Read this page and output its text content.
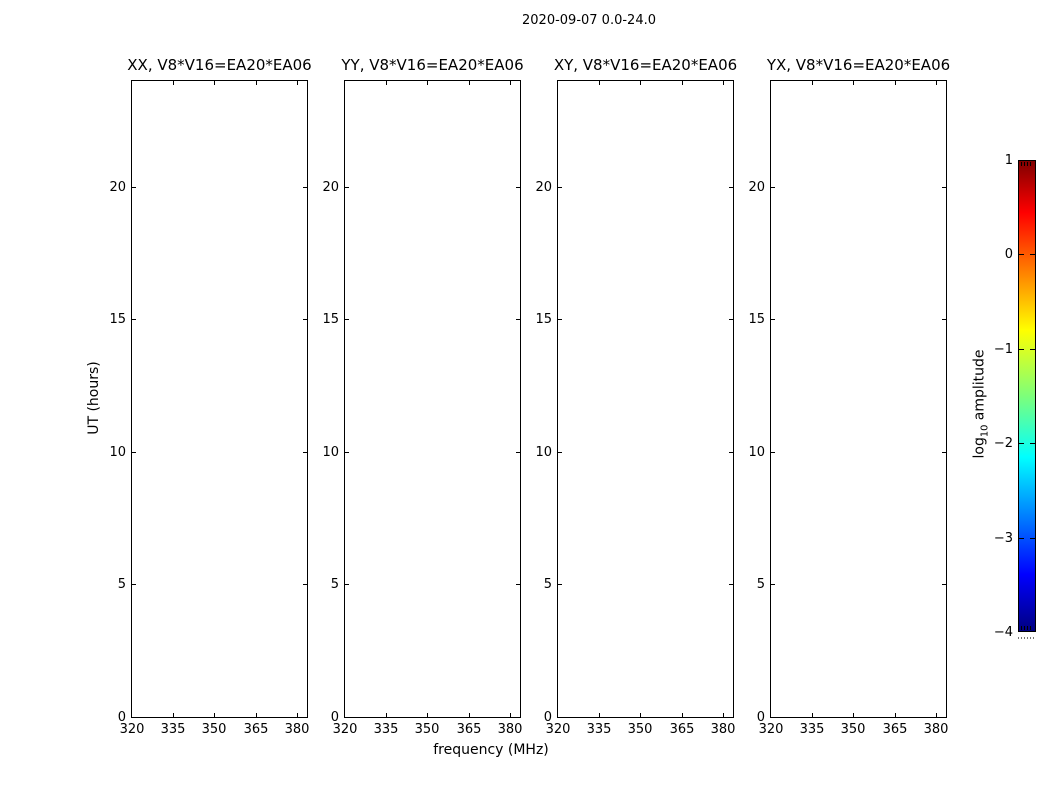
2020-09-07 0.0-24.0
UT (hours)
frequency (MHz)
XX, V8*V16=EA20*EA06
320	335	350	365	380
0
5
10
15
20
YY, V8*V16=EA20*EA06
320	335	350	365	380
0
5
10
15
20
XY, V8*V16=EA20*EA06
320	335	350	365	380
0
5
10
15
20
YX, V8*V16=EA20*EA06
320	335	350	365	380
0
5
10
15
20
$\log_{10}$ amplitude
1
0
−1
−2
−3
−4
